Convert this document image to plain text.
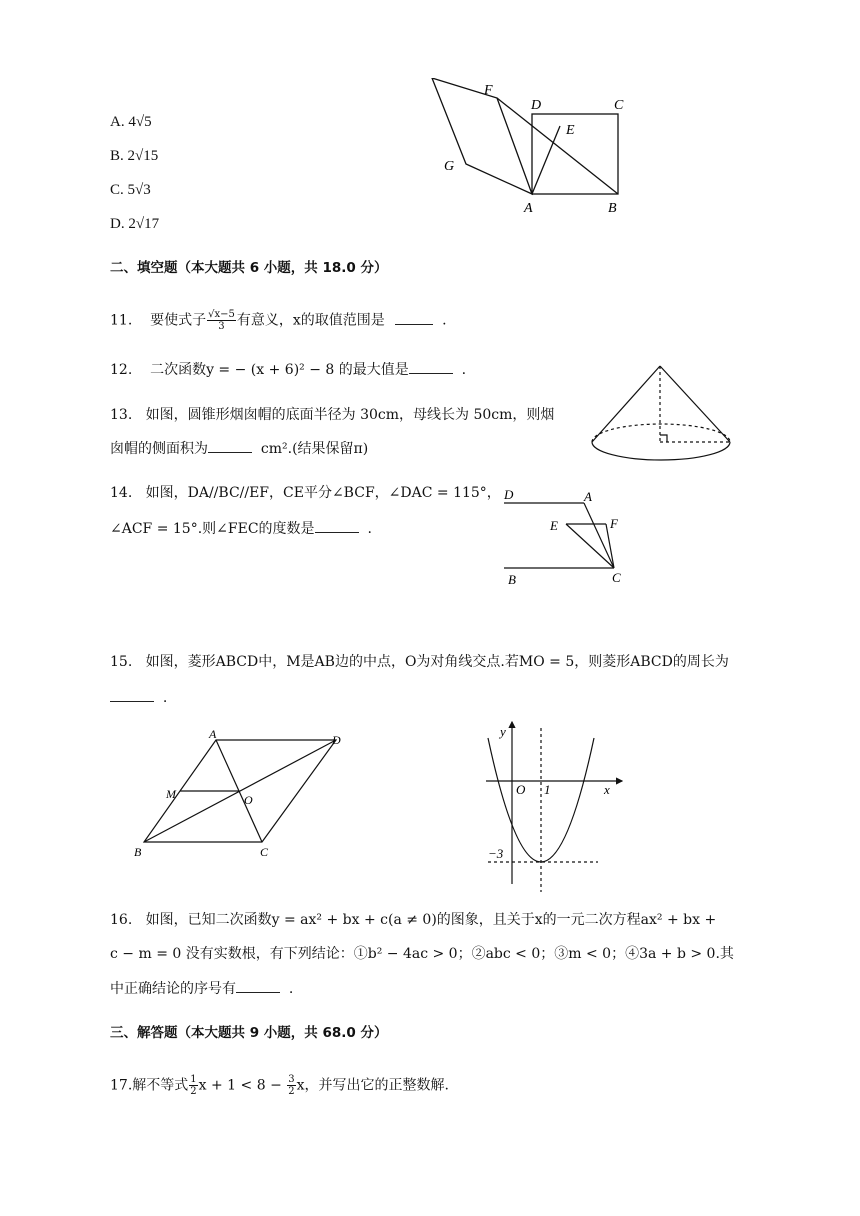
A. 4√5
B. 2√15
C. 5√3
D. 2√17
F
D	C
E
G
A	B
二、填空题（本大题共 6 小题，共 18.0 分）
11. 要使式子 $\frac{√x-5}{3}$ 有意义，x的取值范围是	.
12. 二次函数y = − (x + 6)² − 8 的最大值是	.
13. 如图，圆锥形烟囱帽的底面半径为 30cm，母线长为 50cm，则烟
囱帽的侧面积为	cm².(结果保留π)
14. 如图，DA//BC//EF，CE平分∠BCF，∠DAC = 115°，
∠ACF = 15°.则∠FEC的度数是	.
D	A
E	F
B	C
15. 如图，菱形ABCD中，M是AB边的中点，O为对角线交点.若MO = 5，则菱形ABCD的周长为
.
A	D
M	O
B	C
y
O 1	x
−3
16. 如图，已知二次函数y = ax² + bx + c(a ≠ 0)的图象，且关于x的一元二次方程ax² + bx +
c − m = 0 没有实数根，有下列结论：①b² − 4ac > 0；②abc < 0；③m < 0；④3a + b > 0.其
中正确结论的序号有	.
三、解答题（本大题共 9 小题，共 68.0 分）
17.解不等式 $\frac{1}{2}$ $x + 1 < 8 - \frac{3}{2}$ x，并写出它的正整数解.
